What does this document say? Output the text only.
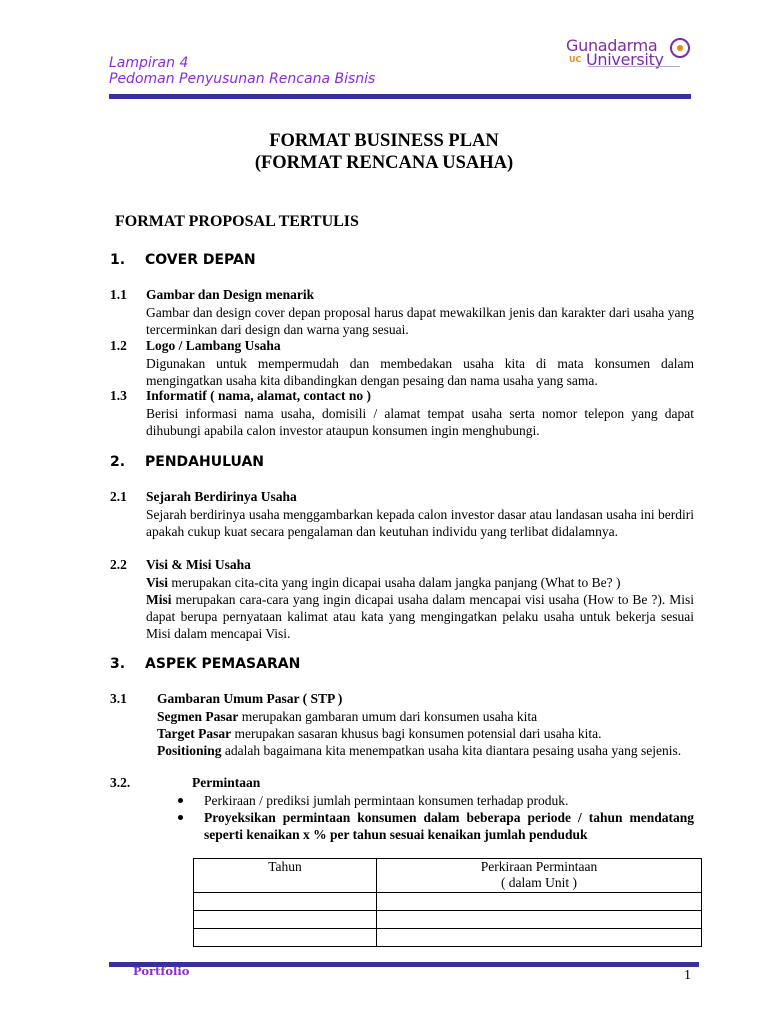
Lampiran 4
Pedoman Penyusunan Rencana Bisnis
Gunadarma
UC University
FORMAT BUSINESS PLAN
(FORMAT RENCANA USAHA)
FORMAT PROPOSAL TERTULIS
1. COVER DEPAN
1.1 Gambar dan Design menarik
Gambar dan design cover depan proposal harus dapat mewakilkan jenis dan karakter dari usaha yang tercerminkan dari design dan warna yang sesuai.
1.2 Logo / Lambang Usaha
Digunakan untuk mempermudah dan membedakan usaha kita di mata konsumen dalam mengingatkan usaha kita dibandingkan dengan pesaing dan nama usaha yang sama.
1.3 Informatif ( nama, alamat, contact no )
Berisi informasi nama usaha, domisili / alamat tempat usaha serta nomor telepon yang dapat dihubungi apabila calon investor ataupun konsumen ingin menghubungi.
2. PENDAHULUAN
2.1 Sejarah Berdirinya Usaha
Sejarah berdirinya usaha menggambarkan kepada calon investor dasar atau landasan usaha ini berdiri apakah cukup kuat secara pengalaman dan keutuhan individu yang terlibat didalamnya.
2.2 Visi & Misi Usaha
Visi merupakan cita-cita yang ingin dicapai usaha dalam jangka panjang (What to Be? )
Misi merupakan cara-cara yang ingin dicapai usaha dalam mencapai visi usaha (How to Be ?). Misi dapat berupa pernyataan kalimat atau kata yang mengingatkan pelaku usaha untuk bekerja sesuai Misi dalam mencapai Visi.
3. ASPEK PEMASARAN
3.1 Gambaran Umum Pasar ( STP )
Segmen Pasar merupakan gambaran umum dari konsumen usaha kita
Target Pasar merupakan sasaran khusus bagi konsumen potensial dari usaha kita.
Positioning adalah bagaimana kita menempatkan usaha kita diantara pesaing usaha yang sejenis.
3.2.	Permintaan
Perkiraan / prediksi jumlah permintaan konsumen terhadap produk.
Proyeksikan permintaan konsumen dalam beberapa periode / tahun mendatang seperti kenaikan x % per tahun sesuai kenaikan jumlah penduduk
Tahun	Perkiraan Permintaan
( dalam Unit )

Portfolio	1
